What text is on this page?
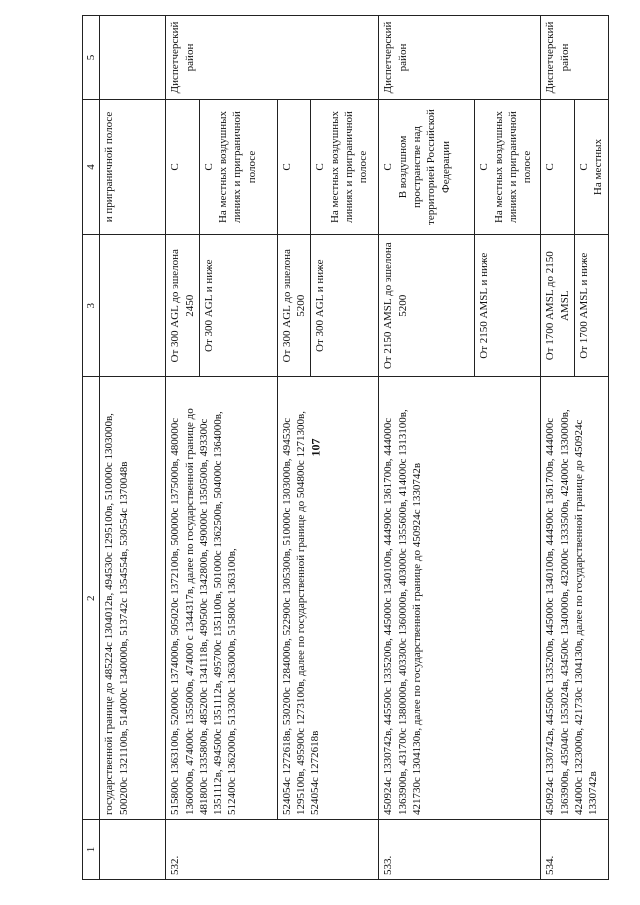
107
1	2	3	4	5
	государственной границе до 485224с 1304012в, 494530с 1295100в, 510000с 1303000в, 500200с 1321100в, 514000с 1340000в, 513742с 1354554в, 530554с 1370048в		и приграничной полосе	
532.	515800с 1363100в, 520000с 1374000в, 505020с 1372100в, 500000с 1375000в, 480000с 1360000в, 474000с 1355000в, 474000 с 1344317в, далее по государственной границе до 481800с 1335800в, 485200с 1341118в, 490500с 1342800в, 490000с 1350500в, 493300с 1351112в, 494500с 1351112в, 495700с 1351100в, 501000с 1362500в, 504000с 1364000в, 512400с 1362000в, 513300с 1363000в, 515800с 1363100в,	От 300 AGL до эшелона 2450	С	Диспетчерский район

		От 300 AGL и ниже	С На местных воздушных линиях и приграничной полосе	

	524054с 1272618в, 530200с 1284000в, 522900с 1305300в, 510000с 1303000в, 494530с 1295100в, 495900с 1273100в, далее по государственной границе до 504800с 1271300в, 524054с 1272618в	От 300 AGL до эшелона 5200	С	
		От 300 AGL и ниже	С На местных воздушных линиях и приграничной полосе	

533.	450924с 1330742в, 445500с 1335200в, 445000с 1340100в, 444900с 1361700в, 444000с 1363900в, 431700с 1380000в, 403300с 1360000в, 403000с 1355600в, 414000с 1313100в, 421730с 1304130в, далее по государственной границе до 450924с 1330742в	От 2150 AMSL до эшелона 5200	С В воздушном пространстве над территорией Российской Федерации	Диспетчерский район
		От 2150 AMSL и ниже	С На местных воздушных линиях и приграничной полосе	

534.	450924с 1330742в, 445500с 1335200в, 445000с 1340100в, 444900с 1361700в, 444000с 1363900в, 435040с 1353024в, 434500с 1340000в, 432000с 1333500в, 424000с 1330000в, 424000с 1323000в, 421730с 1304130в, далее по государственной границе до 450924с 1330742в	От 1700 AMSL до 2150 AMSL	С	Диспетчерский район
		От 1700 AMSL и ниже	С На местных	
